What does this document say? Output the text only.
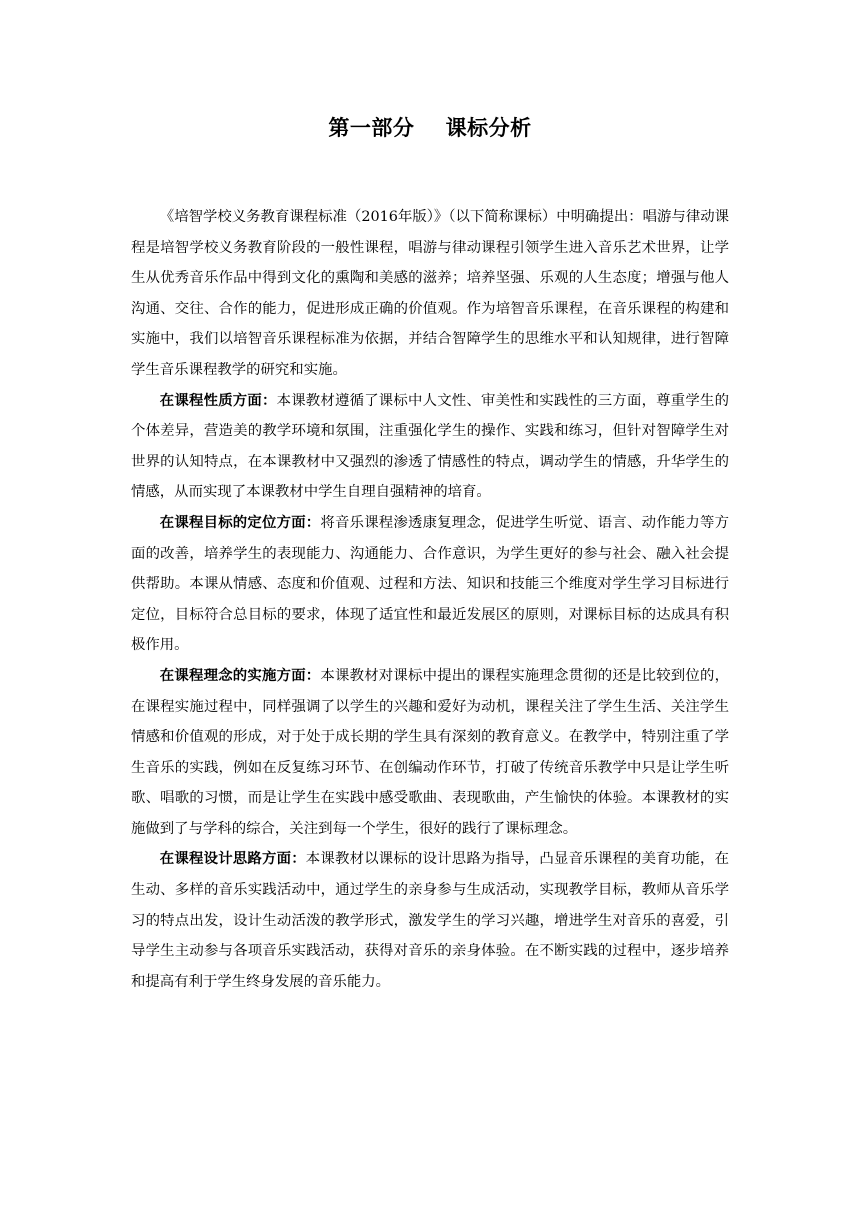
第一部分    课标分析

《培智学校义务教育课程标准（2016年版）》（以下简称课标）中明确提出：唱游与律动课程是培智学校义务教育阶段的一般性课程，唱游与律动课程引领学生进入音乐艺术世界，让学生从优秀音乐作品中得到文化的熏陶和美感的滋养；培养坚强、乐观的人生态度；增强与他人沟通、交往、合作的能力，促进形成正确的价值观。作为培智音乐课程，在音乐课程的构建和实施中，我们以培智音乐课程标准为依据，并结合智障学生的思维水平和认知规律，进行智障学生音乐课程教学的研究和实施。

在课程性质方面：本课教材遵循了课标中人文性、审美性和实践性的三方面，尊重学生的个体差异，营造美的教学环境和氛围，注重强化学生的操作、实践和练习，但针对智障学生对世界的认知特点，在本课教材中又强烈的渗透了情感性的特点，调动学生的情感，升华学生的情感，从而实现了本课教材中学生自理自强精神的培育。

在课程目标的定位方面：将音乐课程渗透康复理念，促进学生听觉、语言、动作能力等方面的改善，培养学生的表现能力、沟通能力、合作意识，为学生更好的参与社会、融入社会提供帮助。本课从情感、态度和价值观、过程和方法、知识和技能三个维度对学生学习目标进行定位，目标符合总目标的要求，体现了适宜性和最近发展区的原则，对课标目标的达成具有积极作用。

在课程理念的实施方面：本课教材对课标中提出的课程实施理念贯彻的还是比较到位的，在课程实施过程中，同样强调了以学生的兴趣和爱好为动机，课程关注了学生生活、关注学生情感和价值观的形成，对于处于成长期的学生具有深刻的教育意义。在教学中，特别注重了学生音乐的实践，例如在反复练习环节、在创编动作环节，打破了传统音乐教学中只是让学生听歌、唱歌的习惯，而是让学生在实践中感受歌曲、表现歌曲，产生愉快的体验。本课教材的实施做到了与学科的综合，关注到每一个学生，很好的践行了课标理念。

在课程设计思路方面：本课教材以课标的设计思路为指导，凸显音乐课程的美育功能，在生动、多样的音乐实践活动中，通过学生的亲身参与生成活动，实现教学目标，教师从音乐学习的特点出发，设计生动活泼的教学形式，激发学生的学习兴趣，增进学生对音乐的喜爱，引导学生主动参与各项音乐实践活动，获得对音乐的亲身体验。在不断实践的过程中，逐步培养和提高有利于学生终身发展的音乐能力。
